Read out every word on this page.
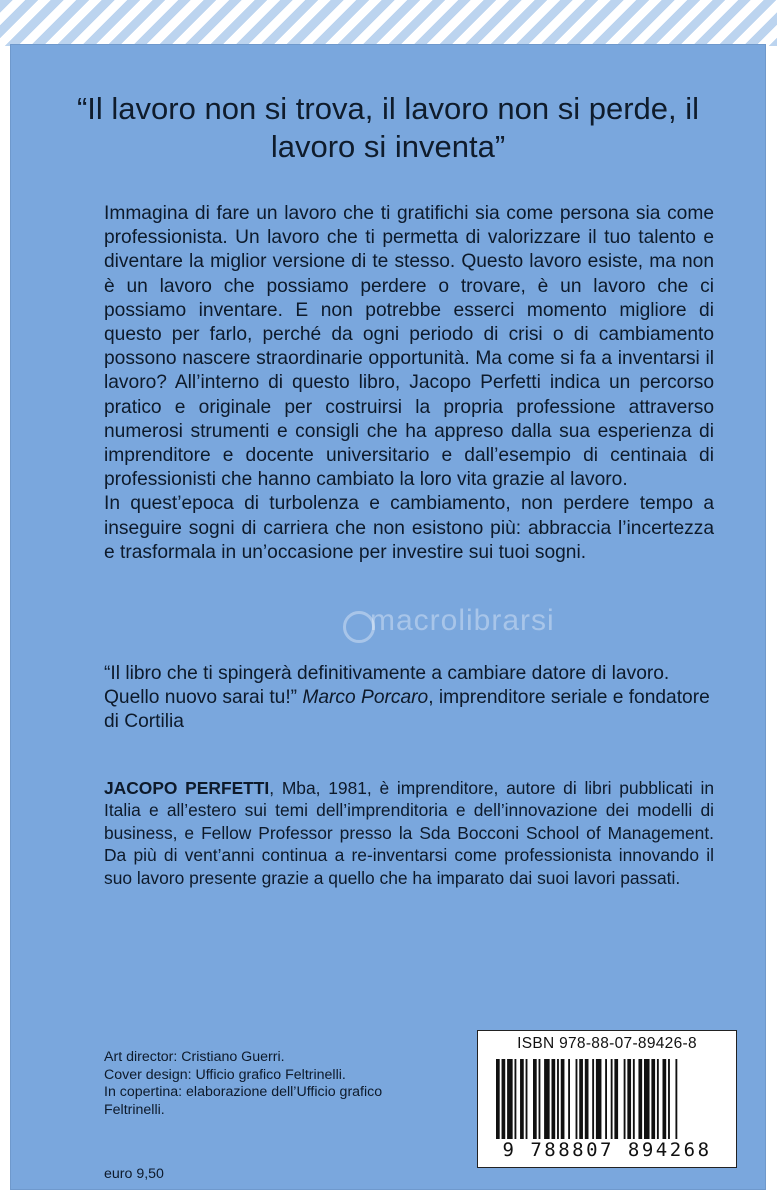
“Il lavoro non si trova, il lavoro non si perde, il lavoro si inventa”

Immagina di fare un lavoro che ti gratifichi sia come persona sia come professionista. Un lavoro che ti permetta di valorizzare il tuo talento e diventare la miglior versione di te stesso. Questo lavoro esiste, ma non è un lavoro che possiamo perdere o trovare, è un lavoro che ci possiamo inventare. E non potrebbe esserci momento migliore di questo per farlo, perché da ogni periodo di crisi o di cambiamento possono nascere straordinarie opportunità. Ma come si fa a inventarsi il lavoro? All’interno di questo libro, Jacopo Perfetti indica un percorso pratico e originale per costruirsi la propria professione attraverso numerosi strumenti e consigli che ha appreso dalla sua esperienza di imprenditore e docente universitario e dall’esempio di centinaia di professionisti che hanno cambiato la loro vita grazie al lavoro.

In quest’epoca di turbolenza e cambiamento, non perdere tempo a inseguire sogni di carriera che non esistono più: abbraccia l’incertezza e trasformala in un’occasione per investire sui tuoi sogni.

“Il libro che ti spingerà definitivamente a cambiare datore di lavoro. Quello nuovo sarai tu!” Marco Porcaro, imprenditore seriale e fondatore di Cortilia
JACOPO PERFETTI, Mba, 1981, è imprenditore, autore di libri pubblicati in Italia e all’estero sui temi dell’imprenditoria e dell’innovazione dei modelli di business, e Fellow Professor presso la Sda Bocconi School of Management. Da più di vent’anni continua a re-inventarsi come professionista innovando il suo lavoro presente grazie a quello che ha imparato dai suoi lavori passati.
Art director: Cristiano Guerri.
Cover design: Ufficio grafico Feltrinelli.
In copertina: elaborazione dell’Ufficio grafico
Feltrinelli.
euro 9,50
ISBN 978-88-07-89426-8
9 788807 894268
macrolibrarsi
